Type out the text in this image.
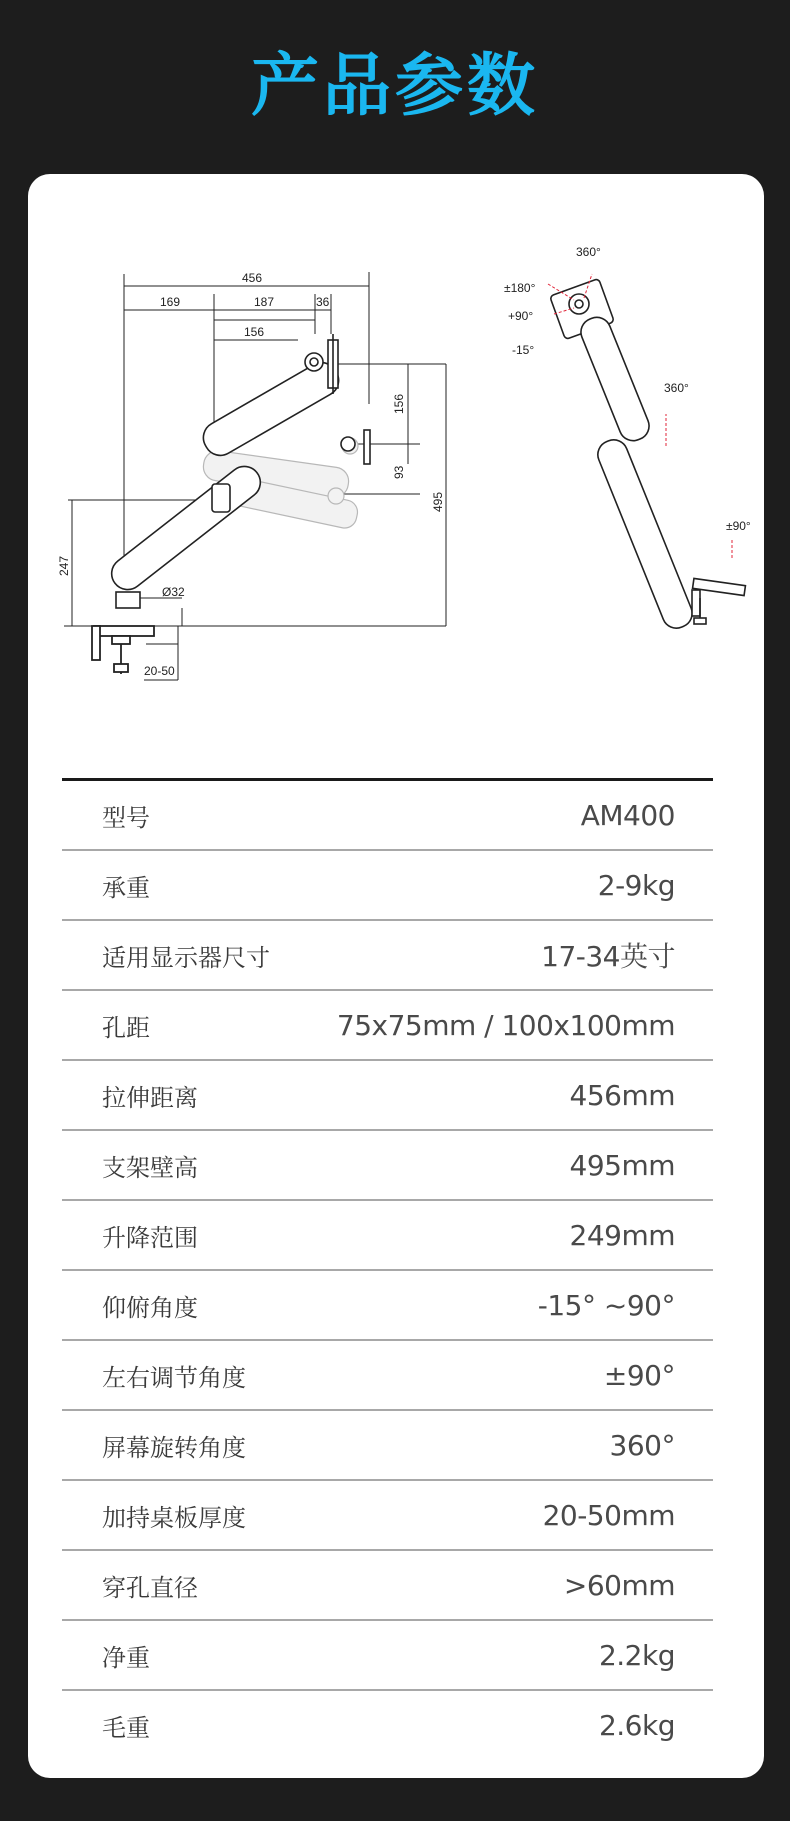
产品参数
456
169	187	36
156
156
93
495
247
Ø32
20-50
360°
±180°
+90°
-15°
360°
±90°
型号	AM400
承重	2-9kg
适用显示器尺寸	17-34英寸
孔距	75x75mm / 100x100mm
拉伸距离	456mm
支架壁高	495mm
升降范围	249mm
仰俯角度	-15° ~90°
左右调节角度	±90°
屏幕旋转角度	360°
加持桌板厚度	20-50mm
穿孔直径	>60mm
净重	2.2kg
毛重	2.6kg
